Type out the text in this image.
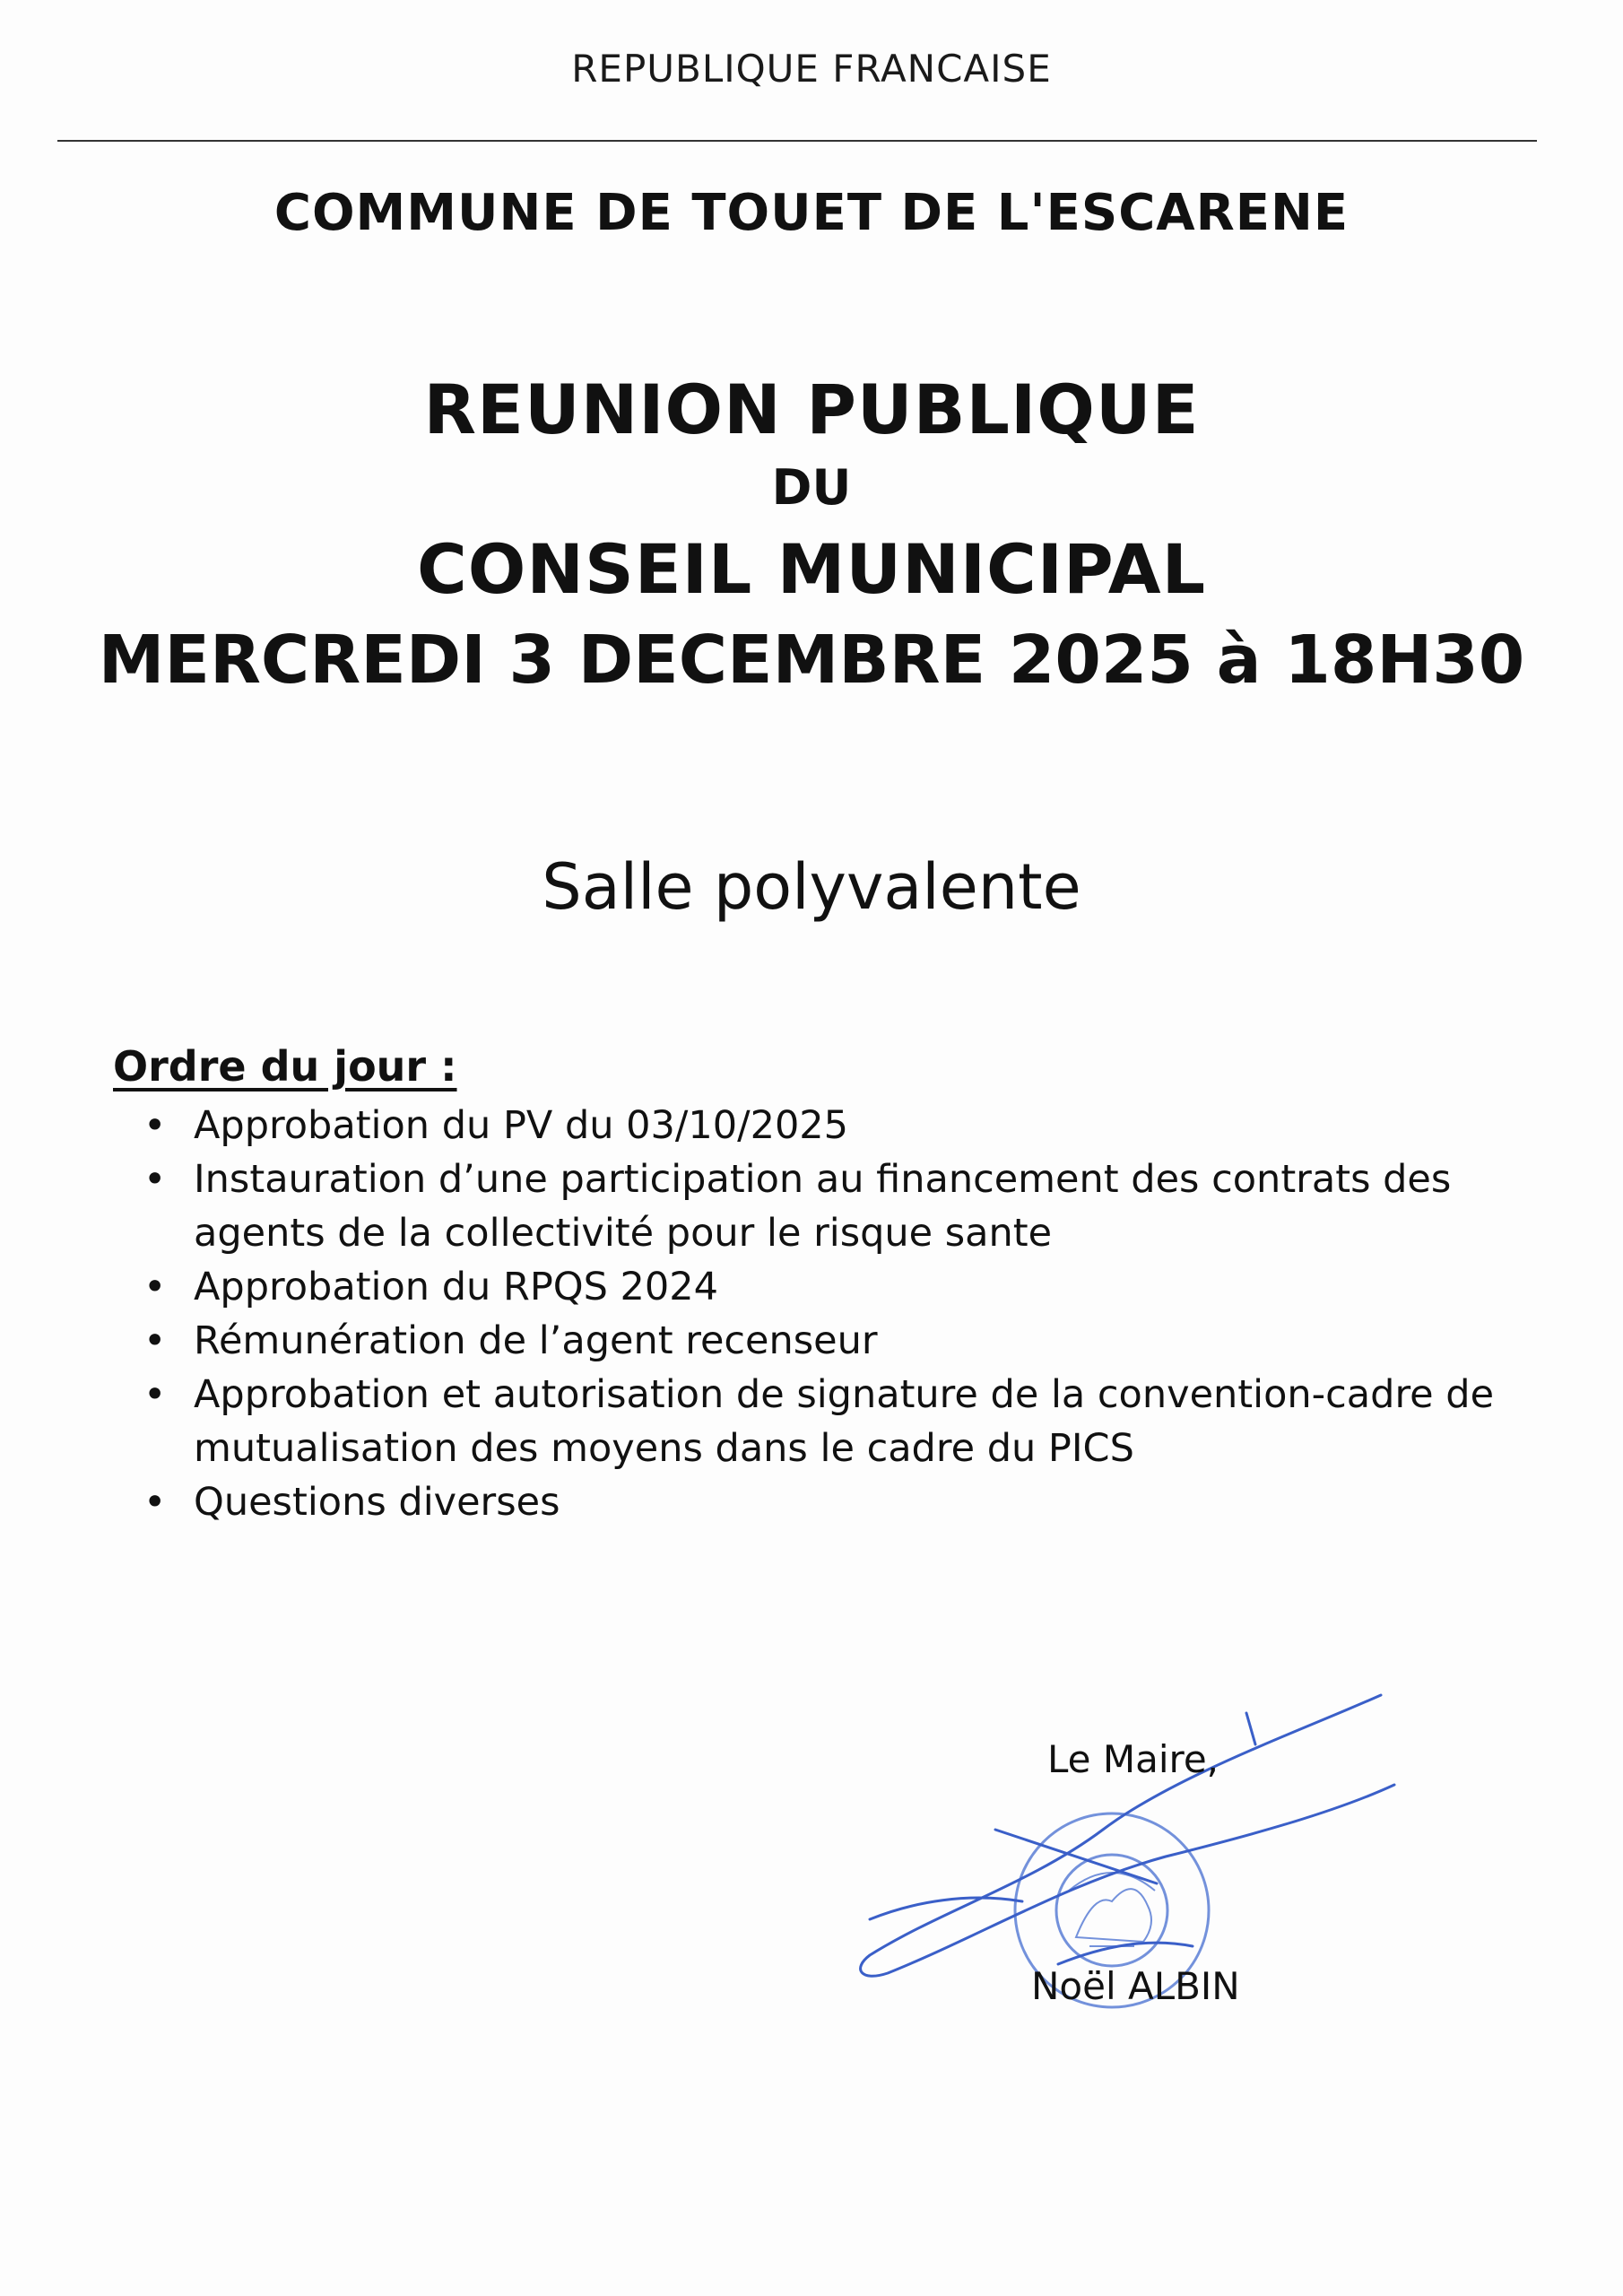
REPUBLIQUE FRANCAISE
COMMUNE DE TOUET DE L'ESCARENE
REUNION PUBLIQUE
DU
CONSEIL MUNICIPAL
MERCREDI 3 DECEMBRE 2025 à 18H30
Salle polyvalente
Ordre du jour :
• Approbation du PV du 03/10/2025
• Instauration d’une participation au financement des contrats des agents de la collectivité pour le risque sante
• Approbation du RPQS 2024
• Rémunération de l’agent recenseur
• Approbation et autorisation de signature de la convention-cadre de mutualisation des moyens dans le cadre du PICS
• Questions diverses
Le Maire,
Noël ALBIN
